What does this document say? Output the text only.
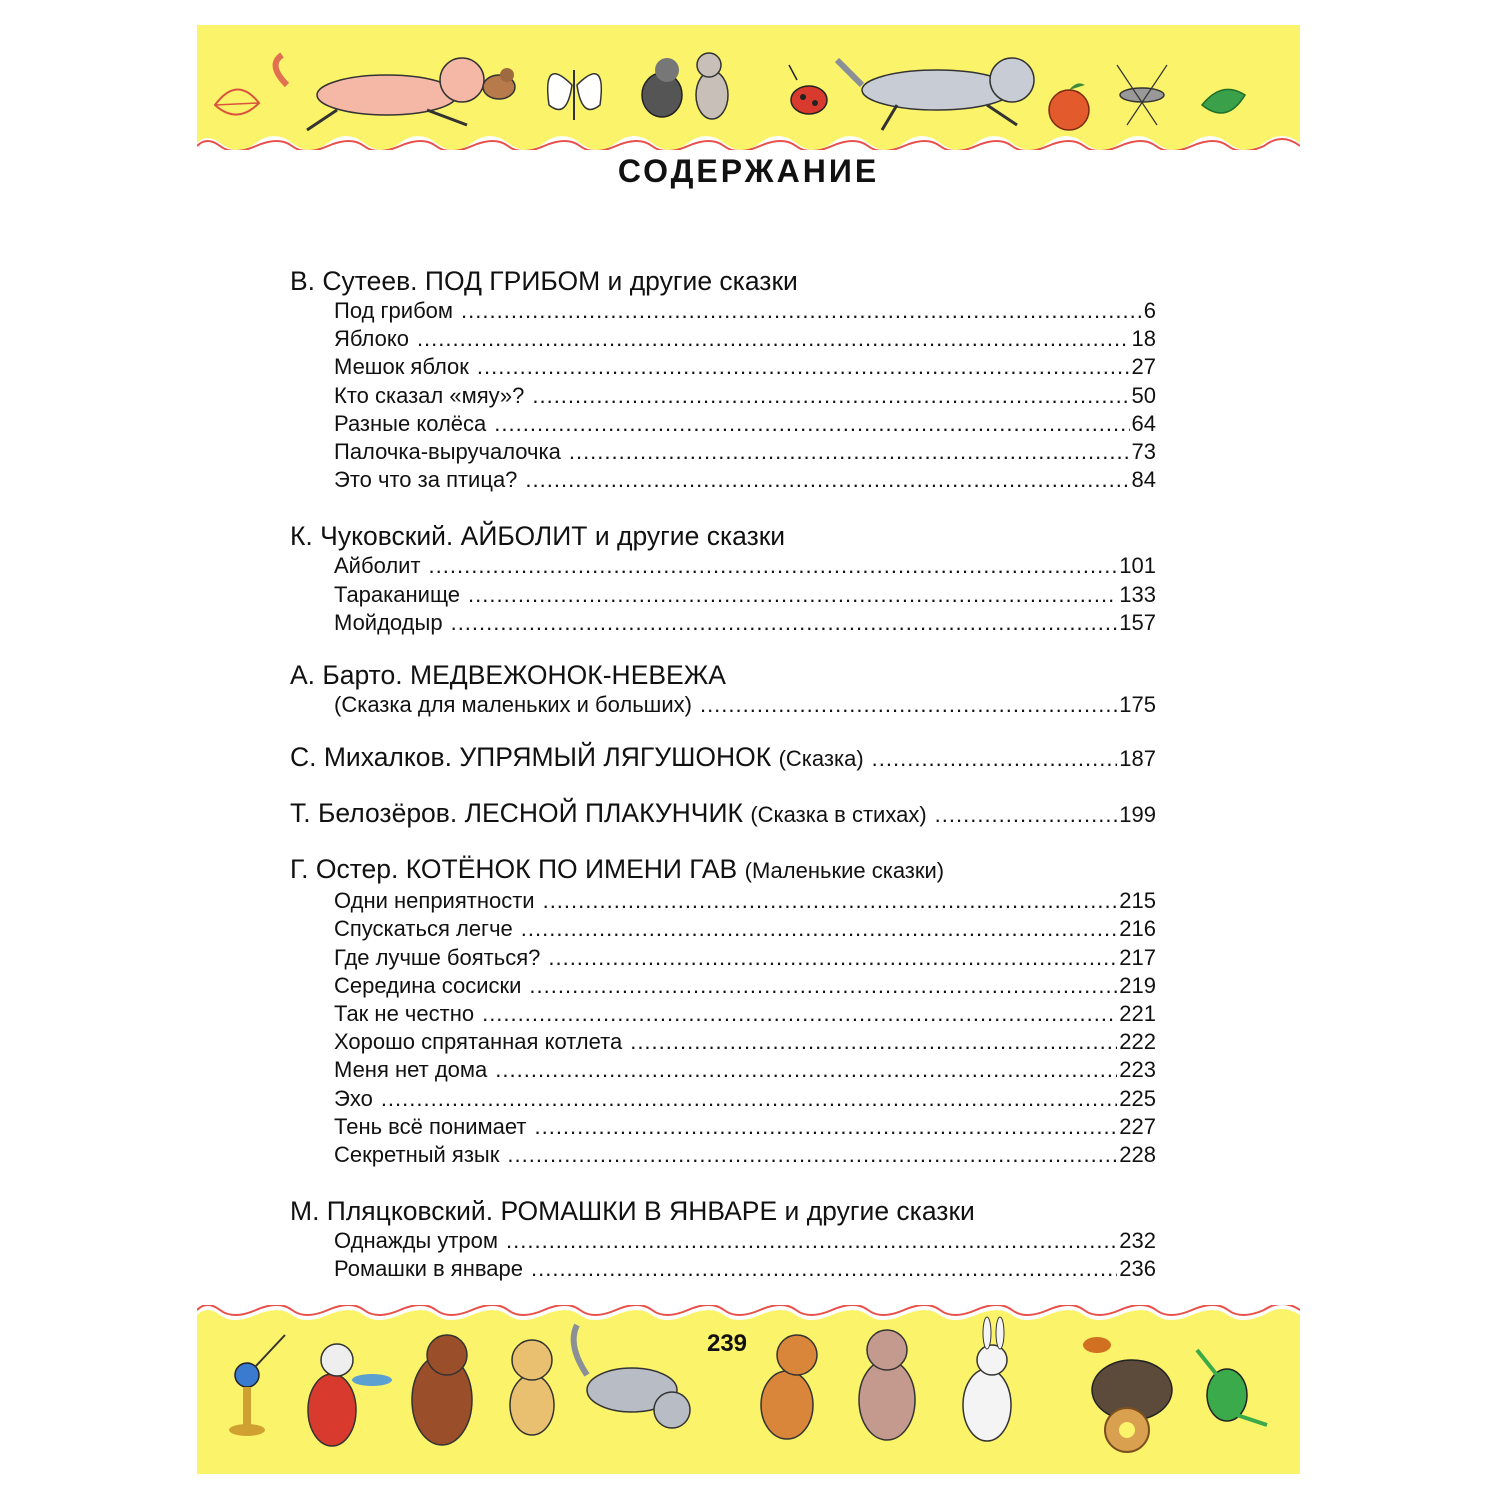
СОДЕРЖАНИЕ
В. Сутеев. ПОД ГРИБОМ и другие сказки
Под грибом .....	6
Яблоко .....	18
Мешок яблок .....	27
Кто сказал «мяу»? .....	50
Разные колёса .....	64
Палочка-выручалочка .....	73
Это что за птица? .....	84
К. Чуковский. АЙБОЛИТ и другие сказки
Айболит .....	101
Тараканище .....	133
Мойдодыр .....	157
А. Барто. МЕДВЕЖОНОК-НЕВЕЖА
(Сказка для маленьких и больших) .....	175
С. Михалков. УПРЯМЫЙ ЛЯГУШОНОК (Сказка) .....	187
Т. Белозёров. ЛЕСНОЙ ПЛАКУНЧИК (Сказка в стихах) .....	199
Г. Остер. КОТЁНОК ПО ИМЕНИ ГАВ (Маленькие сказки)
Одни неприятности .....	215
Спускаться легче .....	216
Где лучше бояться? .....	217
Середина сосиски .....	219
Так не честно .....	221
Хорошо спрятанная котлета .....	222
Меня нет дома .....	223
Эхо .....	225
Тень всё понимает .....	227
Секретный язык .....	228
М. Пляцковский. РОМАШКИ В ЯНВАРЕ и другие сказки
Однажды утром .....	232
Ромашки в январе .....	236
239
